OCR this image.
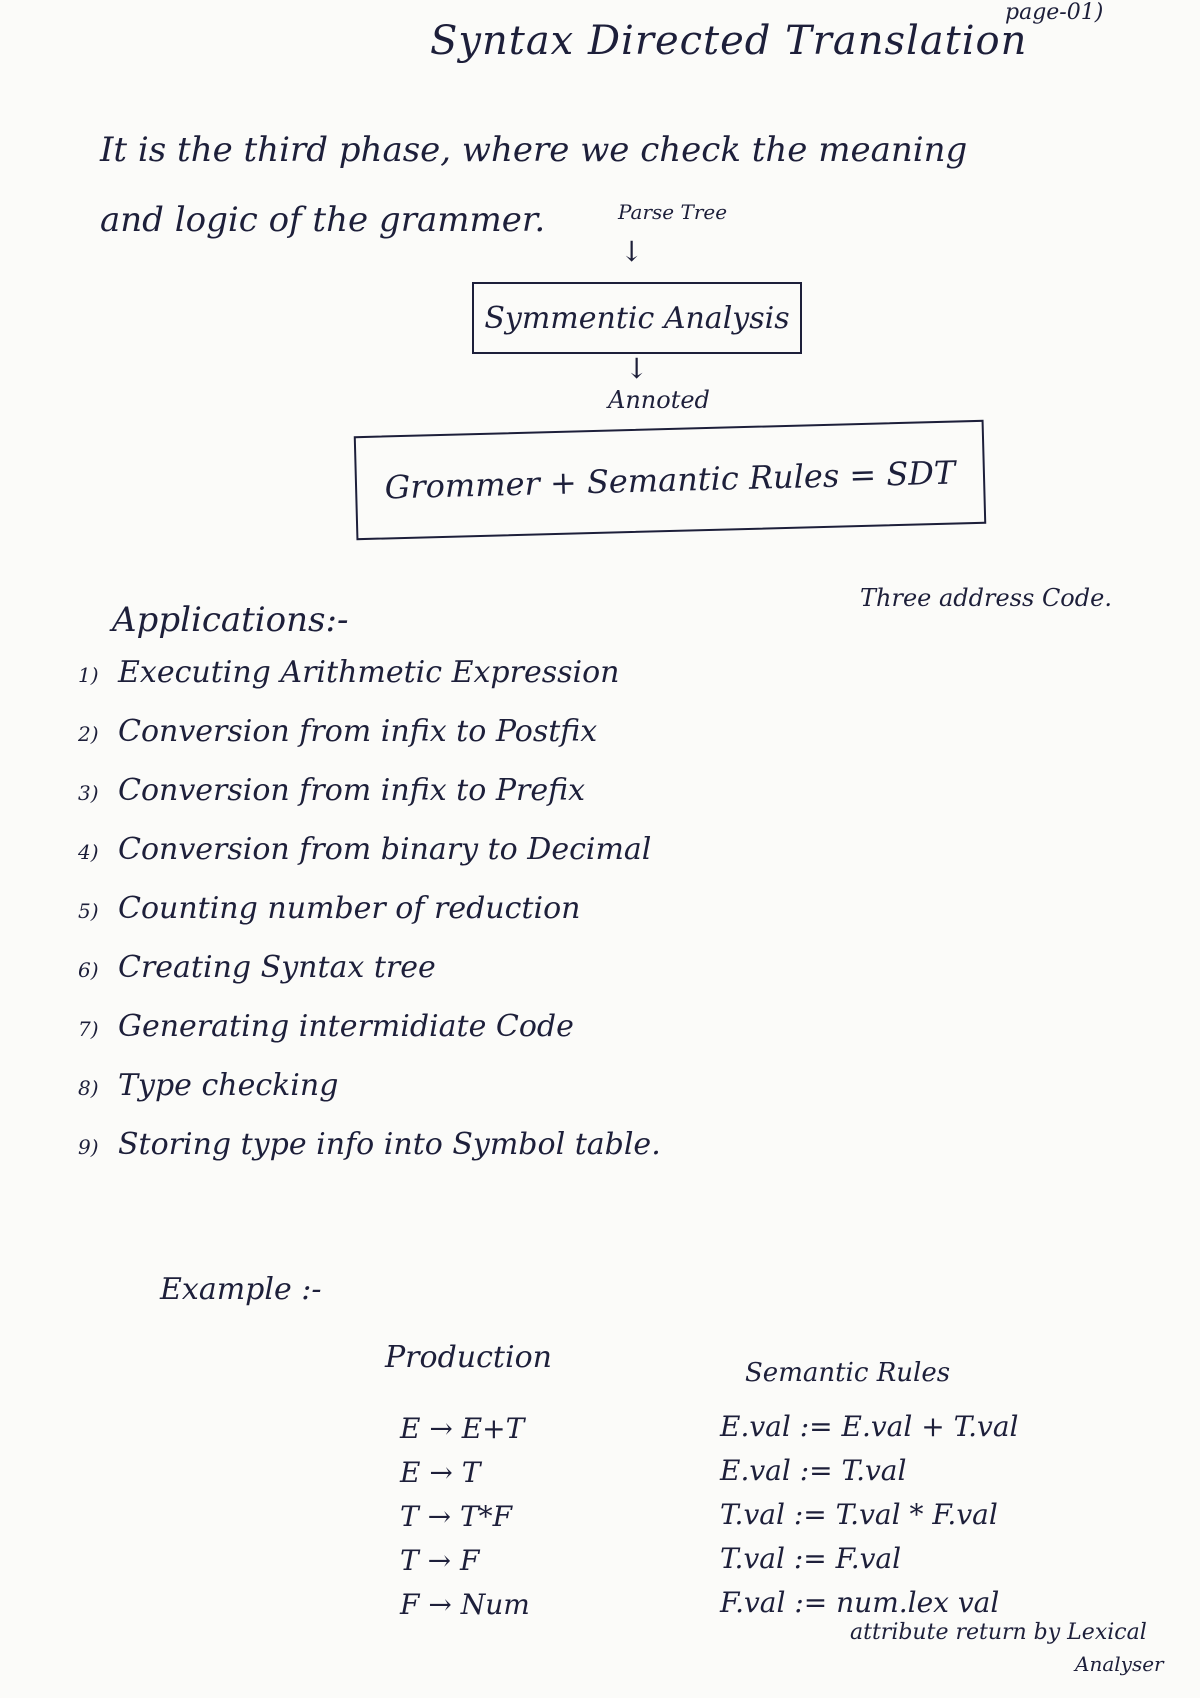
Syntax Directed Translation
page-01)
It is the third phase, where we check the meaning
and logic of the grammer.	Parse Tree
↓
Symmentic Analysis
↓
Annoted
Grommer + Semantic Rules = SDT
Three address Code.
Applications:-
1) Executing Arithmetic Expression
2) Conversion from infix to Postfix
3) Conversion from infix to Prefix
4) Conversion from binary to Decimal
5) Counting number of reduction
6) Creating Syntax tree
7) Generating intermidiate Code
8) Type checking
9) Storing type info into Symbol table.
Example :-
Production	Semantic Rules
E → E+T
E → T
T → T*F
T → F
F → Num
E.val := E.val + T.val
E.val := T.val
T.val := T.val * F.val
T.val := F.val
F.val := num.lex val
attribute return by Lexical
Analyser
